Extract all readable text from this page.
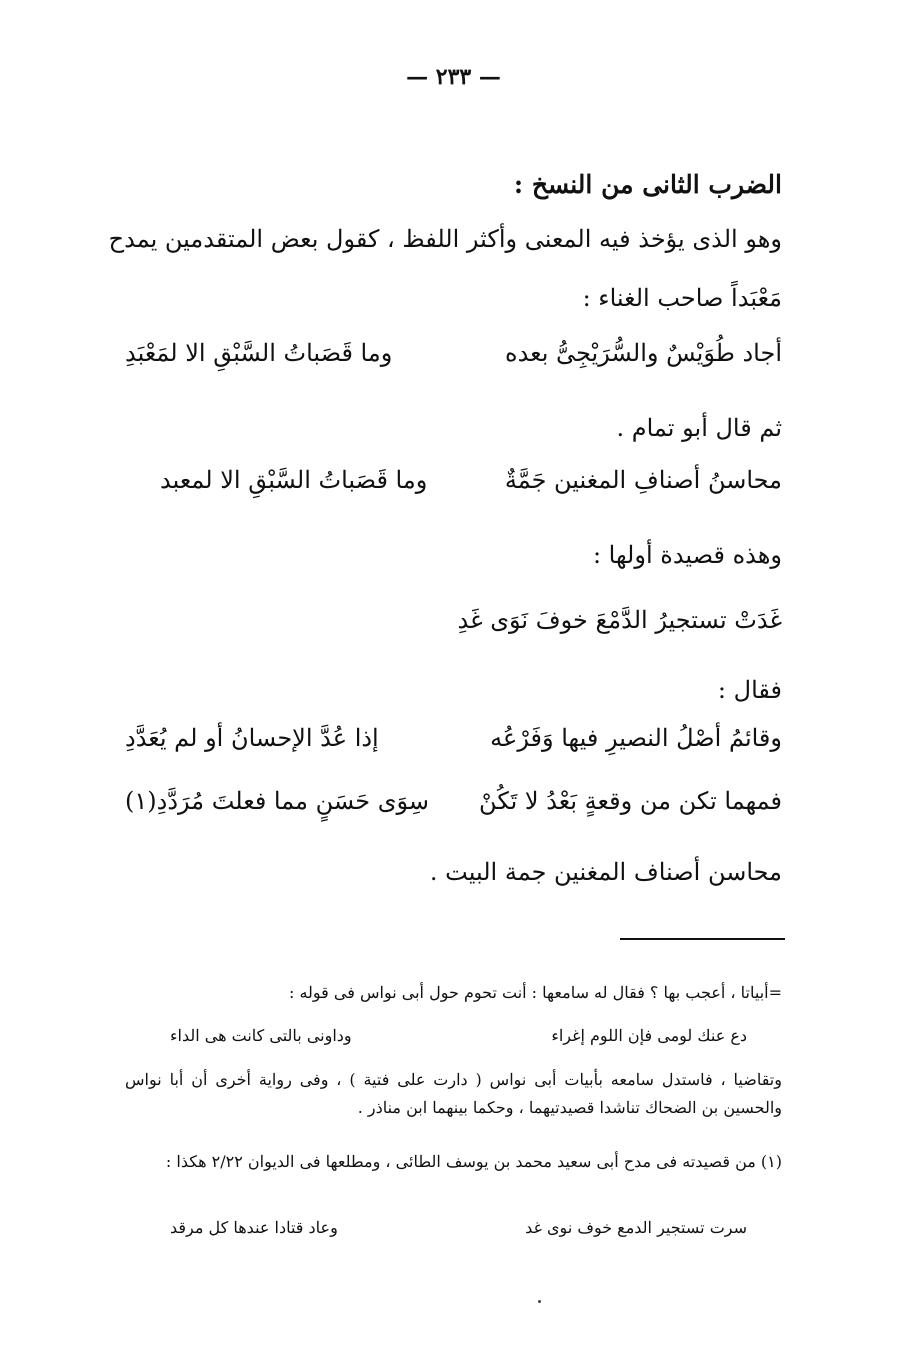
— ٢٣٣ —
الضرب الثانى من النسخ :
وهو الذى يؤخذ فيه المعنى وأكثر اللفظ ، كقول بعض المتقدمين يمدح
مَعْبَداً صاحب الغناء :
أجاد طُوَيْسٌ والسُّرَيْجِىُّ بعده
وما قَصَباتُ السَّبْقِ الا لمَعْبَدِ
ثم قال أبو تمام .
محاسنُ أصنافِ المغنين جَمَّةٌ
وما قَصَباتُ السَّبْقِ الا لمعبد
وهذه قصيدة أولها :
غَدَتْ تستجيرُ الدَّمْعَ خوفَ نَوَى غَدِ
فقال :
وقائمُ أصْلُ النصيرِ فيها وَفَرْعُه
إذا عُدَّ الإحسانُ أو لم يُعَدَّدِ
فمهما تكن من وقعةٍ بَعْدُ لا تَكُنْ
سِوَى حَسَنٍ مما فعلتَ مُرَدَّدِ(١)
محاسن أصناف المغنين جمة البيت .
=أبياتا ، أعجب بها ؟ فقال له سامعها : أنت تحوم حول أبى نواس فى قوله :
دع عنك لومى فإن اللوم إغراء
وداونى بالتى كانت هى الداء
وتقاضيا ، فاستدل سامعه بأبيات أبى نواس ( دارت على فتية ) ، وفى رواية أخرى أن أبا نواس والحسين بن الضحاك تناشدا قصيدتيهما ، وحكما بينهما ابن مناذر .
(١) من قصيدته فى مدح أبى سعيد محمد بن يوسف الطائى ، ومطلعها فى الديوان ٢/٢٢ هكذا :
سرت تستجير الدمع خوف نوى غد
وعاد قتادا عندها كل مرقد
